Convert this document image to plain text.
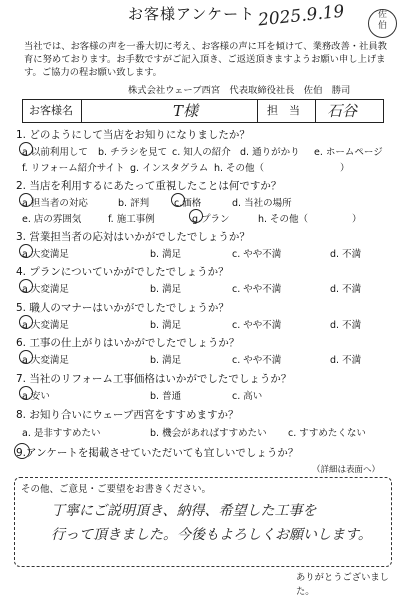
お客様アンケート 2025.9.19	佐
伯
当社では、お客様の声を一番大切に考え、お客様の声に耳を傾けて、業務改善・社員教育に努めております。お手数ですがご記入頂き、ご返送頂きますようお願い申し上げます。ご協力の程お願い致します。
株式会社ウェーブ西宮　代表取締役社長　佐伯　勝司
お客様名	T様	担　当 石谷
1. どのようにして当店をお知りになりましたか？
a.以前利用して b. チラシを見て c. 知人の紹介 d. 通りがかり e. ホームページ
f. リフォーム紹介サイト g. インスタグラム h. その他（	）
2. 当店を利用するにあたって重視したことは何ですか？
a.担当者の対応	b. 評判	c.価格	d. 当社の場所
e. 店の雰囲気	f. 施工事例	g.プラン	h. その他（	）
3. 営業担当者の応対はいかがでしたでしょうか？
a.大変満足	b. 満足	c. やや不満	d. 不満
4. プランについていかがでしたでしょうか？
a.大変満足	b. 満足	c. やや不満	d. 不満
5. 職人のマナーはいかがでしたでしょうか？
a.大変満足	b. 満足	c. やや不満	d. 不満
6. 工事の仕上がりはいかがでしたでしょうか？
a.大変満足	b. 満足	c. やや不満	d. 不満
7. 当社のリフォーム工事価格はいかがでしたでしょうか？
a.安い	b. 普通	c. 高い
8. お知り合いにウェーブ西宮をすすめますか？
a. 是非すすめたい	b. 機会があればすすめたい c. すすめたくない
9.アンケートを掲載させていただいても宜しいでしょうか？
（詳細は表面へ）
その他、ご意見・ご要望をお書きください。
丁寧にご説明頂き、納得、希望した工事を
行って頂きました。今後もよろしくお願いします。
ありがとうございました。
